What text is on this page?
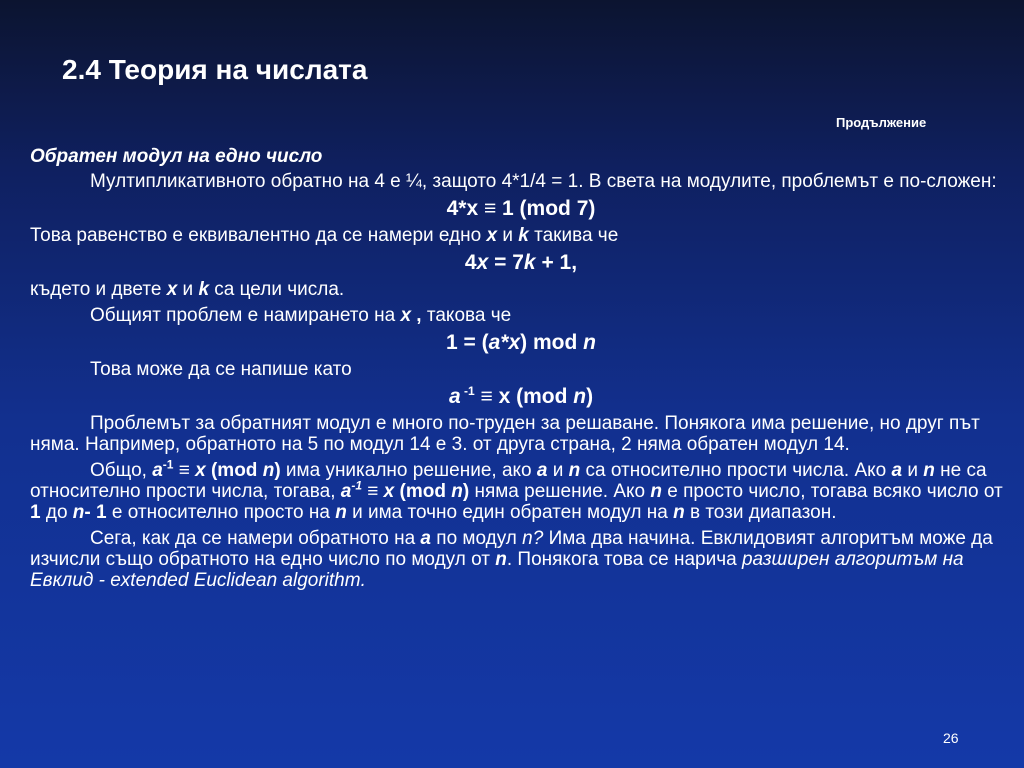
2.4 Теория на числата
Продължение
Обратен модул на едно число
Мултипликативното обратно на 4 е ¼, защото 4*1/4 = 1. В света на модулите, проблемът е по-сложен:
4*x ≡ 1 (mod 7)
Това равенство е еквивалентно да се намери едно x и k такива че
4x = 7k + 1,
където и двете x и k са цели числа.
Общият проблем е намирането на x , такова че
1 = (a*x) mod n
Това може да се напише като
a $^{-1}$ ≡ x (mod n)
Проблемът за обратният модул е много по-труден за решаване. Понякога има решение, но друг път няма. Например, обратното на 5 по модул 14 е 3. от друга страна, 2 няма обратен модул 14.
Общо, $a^{-1} \equiv x$ (mod n) има уникално решение, ако a и n са относително прости числа. Ако a и n не са относително прости числа, тогава, $a^{-1} \equiv x$ (mod n) няма решение. Ако n е просто число, тогава всяко число от 1 до n- 1 е относително просто на n и има точно един обратен модул на n в този диапазон.
Сега, как да се намери обратното на a по модул n? Има два начина. Евклидовият алгоритъм може да изчисли също обратното на едно число по модул от n. Понякога това се нарича разширен алгоритъм на Евклид - extended Euclidean algorithm.
26
